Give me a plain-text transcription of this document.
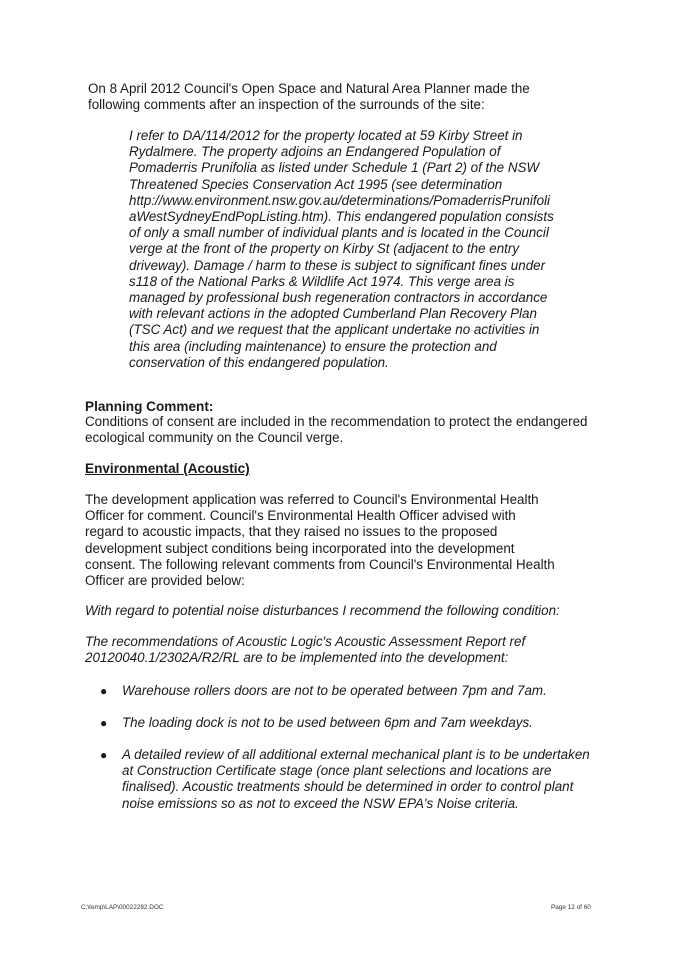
On 8 April 2012 Council's Open Space and Natural Area Planner made the following comments after an inspection of the surrounds of the site:

I refer to DA/114/2012 for the property located at 59 Kirby Street in
Rydalmere. The property adjoins an Endangered Population of
Pomaderris Prunifolia as listed under Schedule 1 (Part 2) of the NSW
Threatened Species Conservation Act 1995 (see determination
http://www.environment.nsw.gov.au/determinations/PomaderrisPrunifoli
aWestSydneyEndPopListing.htm). This endangered population consists
of only a small number of individual plants and is located in the Council
verge at the front of the property on Kirby St (adjacent to the entry
driveway). Damage / harm to these is subject to significant fines under
s118 of the National Parks & Wildlife Act 1974. This verge area is
managed by professional bush regeneration contractors in accordance
with relevant actions in the adopted Cumberland Plan Recovery Plan
(TSC Act) and we request that the applicant undertake no activities in
this area (including maintenance) to ensure the protection and
conservation of this endangered population.
Planning Comment:

Conditions of consent are included in the recommendation to protect the endangered ecological community on the Council verge.

Environmental (Acoustic)

The development application was referred to Council's Environmental Health Officer for comment. Council's Environmental Health Officer advised with regard to acoustic impacts, that they raised no issues to the proposed development subject conditions being incorporated into the development consent. The following relevant comments from Council's Environmental Health Officer are provided below:

With regard to potential noise disturbances I recommend the following condition:

The recommendations of Acoustic Logic's Acoustic Assessment Report ref 20120040.1/2302A/R2/RL are to be implemented into the development:

● Warehouse rollers doors are not to be operated between 7pm and 7am.
● The loading dock is not to be used between 6pm and 7am weekdays.
● A detailed review of all additional external mechanical plant is to be undertaken at Construction Certificate stage (once plant selections and locations are finalised). Acoustic treatments should be determined in order to control plant noise emissions so as not to exceed the NSW EPA's Noise criteria.

C:\temp\LAP\00022282.DOC	Page 12 of 60
